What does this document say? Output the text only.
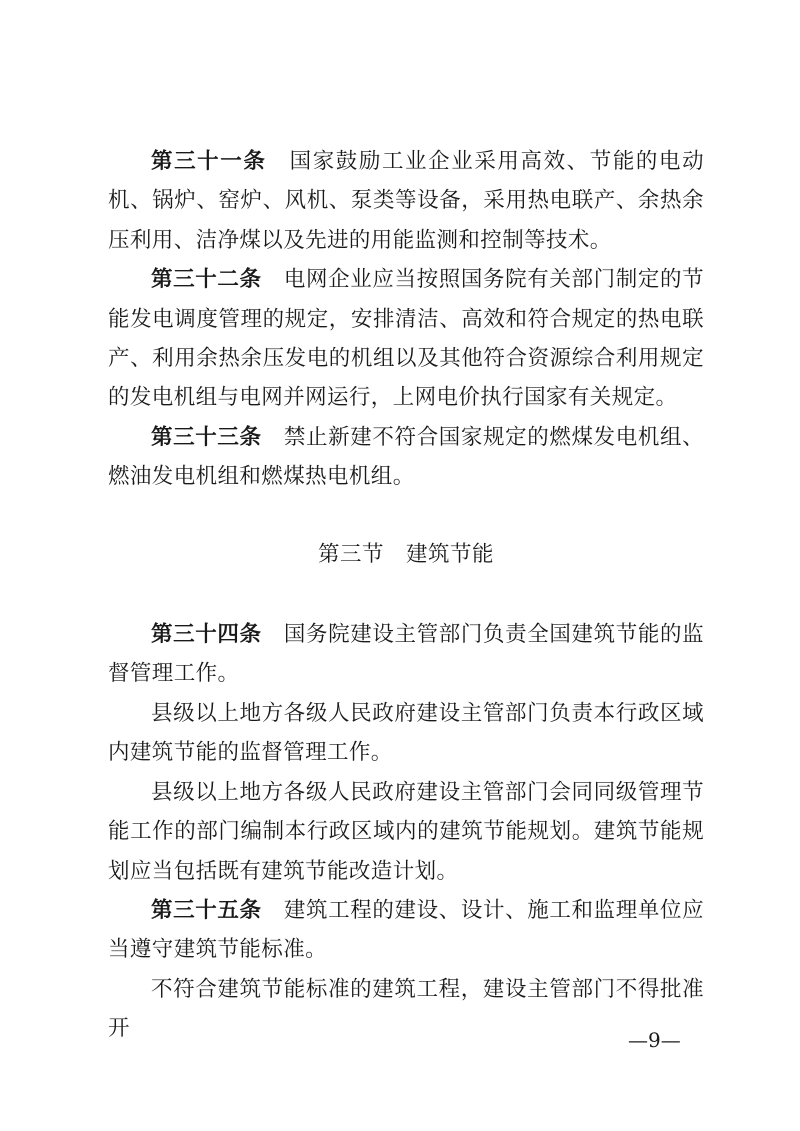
第三十一条 国家鼓励工业企业采用高效、节能的电动机、锅炉、窑炉、风机、泵类等设备，采用热电联产、余热余压利用、洁净煤以及先进的用能监测和控制等技术。

第三十二条 电网企业应当按照国务院有关部门制定的节能发电调度管理的规定，安排清洁、高效和符合规定的热电联产、利用余热余压发电的机组以及其他符合资源综合利用规定的发电机组与电网并网运行，上网电价执行国家有关规定。

第三十三条 禁止新建不符合国家规定的燃煤发电机组、燃油发电机组和燃煤热电机组。

第三节 建筑节能

第三十四条 国务院建设主管部门负责全国建筑节能的监督管理工作。

县级以上地方各级人民政府建设主管部门负责本行政区域内建筑节能的监督管理工作。

县级以上地方各级人民政府建设主管部门会同同级管理节能工作的部门编制本行政区域内的建筑节能规划。建筑节能规划应当包括既有建筑节能改造计划。

第三十五条 建筑工程的建设、设计、施工和监理单位应当遵守建筑节能标准。

不符合建筑节能标准的建筑工程，建设主管部门不得批准开	—9—
